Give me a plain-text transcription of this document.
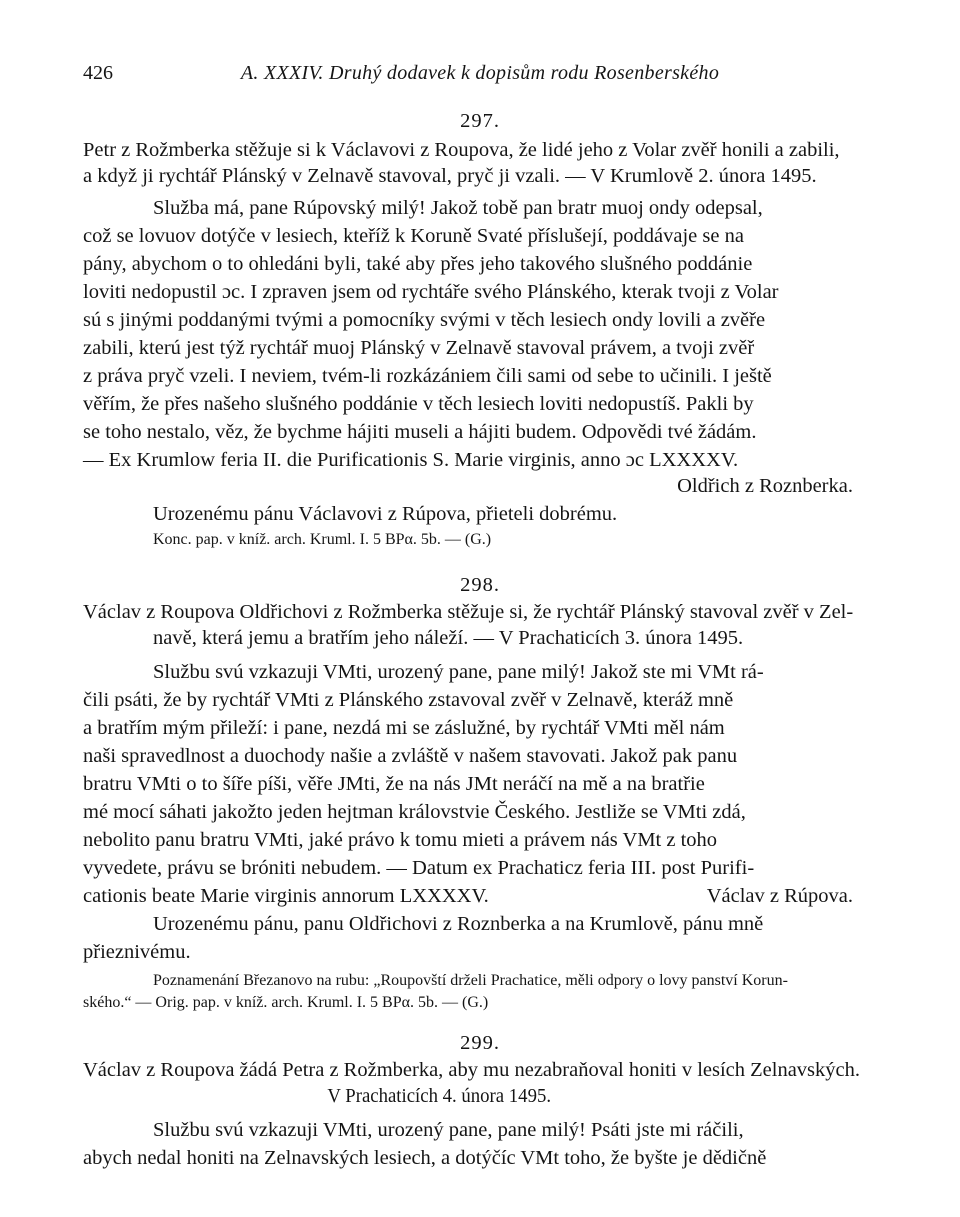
426	A. XXXIV. Druhý dodavek k dopisům rodu Rosenberského
297.
Petr z Rožmberka stěžuje si k Václavovi z Roupova, že lidé jeho z Volar zvěř honili a zabili,
a když ji rychtář Plánský v Zelnavě stavoval, pryč ji vzali. — V Krumlově 2. února 1495.
Služba má, pane Rúpovský milý! Jakož tobě pan bratr muoj ondy odepsal,
což se lovuov dotýče v lesiech, kteříž k Koruně Svaté příslušejí, poddávaje se na
pány, abychom o to ohledáni byli, také aby přes jeho takového slušného poddánie
loviti nedopustil ɔc. I zpraven jsem od rychtáře svého Plánského, kterak tvoji z Volar
sú s jinými poddanými tvými a pomocníky svými v těch lesiech ondy lovili a zvěře
zabili, kterú jest týž rychtář muoj Plánský v Zelnavě stavoval právem, a tvoji zvěř
z práva pryč vzeli. I neviem, tvém-li rozkázániem čili sami od sebe to učinili. I ještě
věřím, že přes našeho slušného poddánie v těch lesiech loviti nedopustíš. Pakli by
se toho nestalo, věz, že bychme hájiti museli a hájiti budem. Odpovědi tvé žádám.
— Ex Krumlow feria II. die Purificationis S. Marie virginis, anno ɔc LXXXXV.
Oldřich z Roznberka.
Urozenému pánu Václavovi z Rúpova, přieteli dobrému.
Konc. pap. v kníž. arch. Kruml. I. 5 BPα. 5b. — (G.)
298.
Václav z Roupova Oldřichovi z Rožmberka stěžuje si, že rychtář Plánský stavoval zvěř v Zel-
navě, která jemu a bratřím jeho náleží. — V Prachaticích 3. února 1495.
Službu svú vzkazuji VMti, urozený pane, pane milý! Jakož ste mi VMt rá-
čili psáti, že by rychtář VMti z Plánského zstavoval zvěř v Zelnavě, kteráž mně
a bratřím mým přileží: i pane, nezdá mi se záslužné, by rychtář VMti měl nám
naši spravedlnost a duochody našie a zvláště v našem stavovati. Jakož pak panu
bratru VMti o to šíře píši, věře JMti, že na nás JMt neráčí na mě a na bratřie
mé mocí sáhati jakožto jeden hejtman královstvie Českého. Jestliže se VMti zdá,
nebolito panu bratru VMti, jaké právo k tomu mieti a právem nás VMt z toho
vyvedete, právu se bróniti nebudem. — Datum ex Prachaticz feria III. post Purifi-
cationis beate Marie virginis annorum LXXXXV.	Václav z Rúpova.
Urozenému pánu, panu Oldřichovi z Roznberka a na Krumlově, pánu mně
přieznivému.
Poznamenání Březanovo na rubu: „Roupovští drželi Prachatice, měli odpory o lovy panství Korun-
ského.“ — Orig. pap. v kníž. arch. Kruml. I. 5 BPα. 5b. — (G.)
299.
Václav z Roupova žádá Petra z Rožmberka, aby mu nezabraňoval honiti v lesích Zelnavských.
V Prachaticích 4. února 1495.
Službu svú vzkazuji VMti, urozený pane, pane milý! Psáti jste mi ráčili,
abych nedal honiti na Zelnavských lesiech, a dotýčíc VMt toho, že byšte je dědičně
